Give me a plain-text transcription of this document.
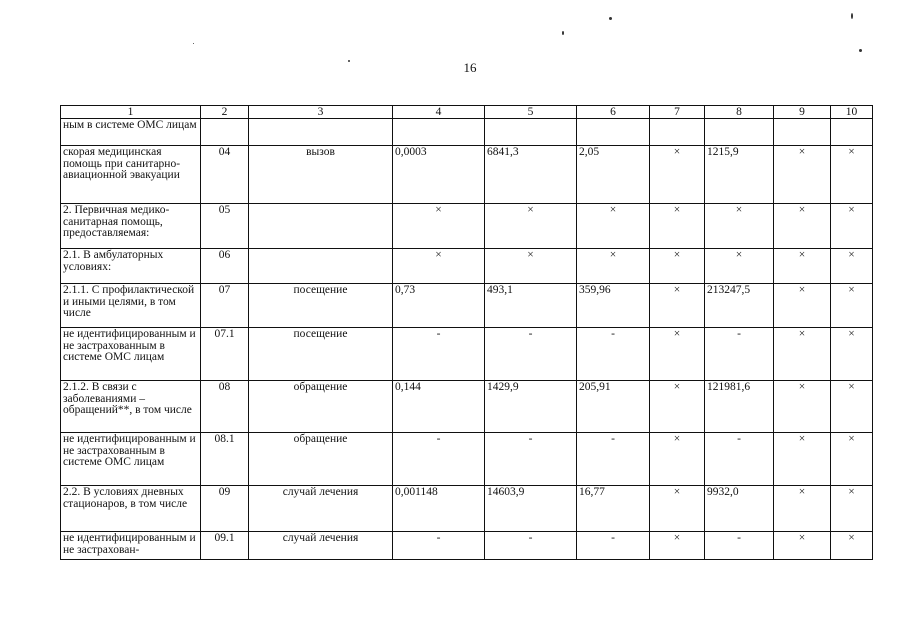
16
1	2	3	4	5	6	7	8	9	10
ным в системе ОМС лицам									
скорая медицинская помощь при санитарно-авиационной эвакуации	04	вызов	0,0003	6841,3	2,05	×	1215,9	×	×
2. Первичная медико-санитарная помощь, предоставляемая:	05		×	×	×	×	×	×	×
2.1. В амбулаторных условиях:	06		×	×	×	×	×	×	×
2.1.1. С профилактической и иными целями, в том числе	07	посещение	0,73	493,1	359,96	×	213247,5	×	×
не идентифицированным и не застрахованным в системе ОМС лицам	07.1	посещение	-	-	-	×	-	×	×
2.1.2. В связи с заболеваниями – обращений**, в том числе	08	обращение	0,144	1429,9	205,91	×	121981,6	×	×
не идентифицированным и не застрахованным в системе ОМС лицам	08.1	обращение	-	-	-	×	-	×	×
2.2. В условиях дневных стационаров, в том числе	09	случай лечения	0,001148	14603,9	16,77	×	9932,0	×	×
не идентифицированным и не застрахован-	09.1	случай лечения	-	-	-	×	-	×	×
